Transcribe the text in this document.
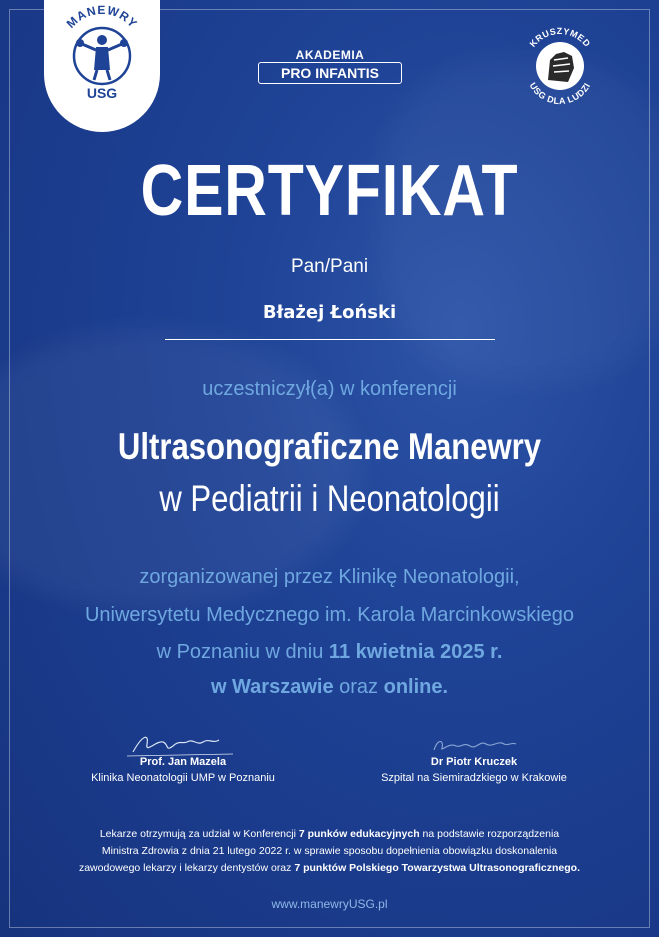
MANEWRY
USG
AKADEMIA
PRO INFANTIS
KRUSZYMED
USG DLA LUDZI
CERTYFIKAT
Pan/Pani
Błażej Łoński
uczestniczył(a) w konferencji
Ultrasonograficzne Manewry
w Pediatrii i Neonatologii
zorganizowanej przez Klinikę Neonatologii,
Uniwersytetu Medycznego im. Karola Marcinkowskiego
w Poznaniu w dniu 11 kwietnia 2025 r.
w Warszawie oraz online.
Prof. Jan Mazela
Klinika Neonatologii UMP w Poznaniu
Dr Piotr Kruczek
Szpital na Siemiradzkiego w Krakowie
Lekarze otrzymują za udział w Konferencji 7 punków edukacyjnych na podstawie rozporządzenia
Ministra Zdrowia z dnia 21 lutego 2022 r. w sprawie sposobu dopełnienia obowiązku doskonalenia
zawodowego lekarzy i lekarzy dentystów oraz 7 punktów Polskiego Towarzystwa Ultrasonograficznego.
www.manewryUSG.pl
